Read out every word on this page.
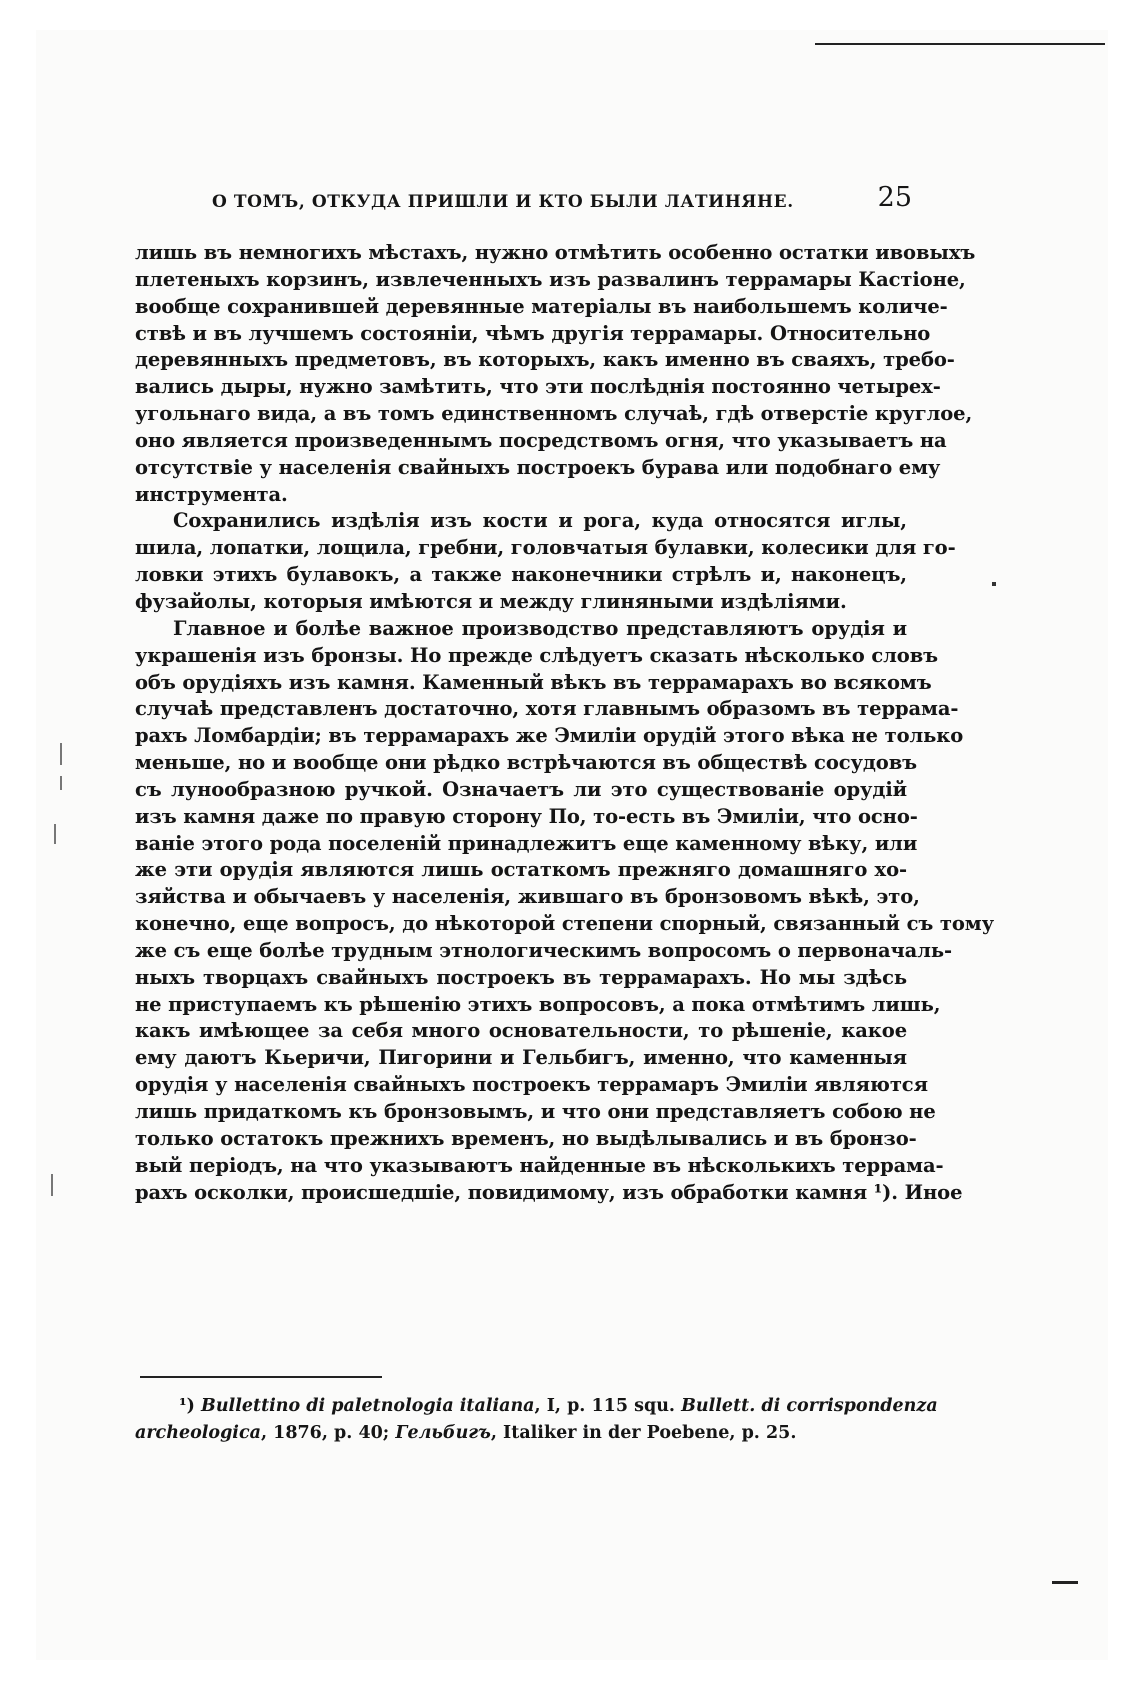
О ТОМЪ, ОТКУДА ПРИШЛИ И КТО БЫЛИ ЛАТИНЯНЕ.	25
лишь въ немногихъ мѣстахъ, нужно отмѣтить особенно остатки ивовыхъ
плетеныхъ корзинъ, извлеченныхъ изъ развалинъ террамары Кастіоне,
вообще сохранившей деревянные матеріалы въ наибольшемъ количе-
ствѣ и въ лучшемъ состояніи, чѣмъ другія террамары. Относительно
деревянныхъ предметовъ, въ которыхъ, какъ именно въ сваяхъ, требо-
вались дыры, нужно замѣтить, что эти послѣднія постоянно четырех-
угольнаго вида, а въ томъ единственномъ случаѣ, гдѣ отверстіе круглое,
оно является произведеннымъ посредствомъ огня, что указываетъ на
отсутствіе у населенія свайныхъ построекъ бурава или подобнаго ему
инструмента.
Сохранились издѣлія изъ кости и рога, куда относятся иглы,
шила, лопатки, лощила, гребни, головчатыя булавки, колесики для го-
ловки этихъ булавокъ, а также наконечники стрѣлъ и, наконецъ,
фузайолы, которыя имѣются и между глиняными издѣліями.
Главное и болѣе важное производство представляютъ орудія и
украшенія изъ бронзы. Но прежде слѣдуетъ сказать нѣсколько словъ
объ орудіяхъ изъ камня. Каменный вѣкъ въ террамарахъ во всякомъ
случаѣ представленъ достаточно, хотя главнымъ образомъ въ террама-
рахъ Ломбардіи; въ террамарахъ же Эмиліи орудій этого вѣка не только
меньше, но и вообще они рѣдко встрѣчаются въ обществѣ сосудовъ
съ лунообразною ручкой. Означаетъ ли это существованіе орудій
изъ камня даже по правую сторону По, то-есть въ Эмиліи, что осно-
ваніе этого рода поселеній принадлежитъ еще каменному вѣку, или
же эти орудія являются лишь остаткомъ прежняго домашняго хо-
зяйства и обычаевъ у населенія, жившаго въ бронзовомъ вѣкѣ, это,
конечно, еще вопросъ, до нѣкоторой степени спорный, связанный съ тому
же съ еще болѣе трудным этнологическимъ вопросомъ о первоначаль-
ныхъ творцахъ свайныхъ построекъ въ террамарахъ. Но мы здѣсь
не приступаемъ къ рѣшенію этихъ вопросовъ, а пока отмѣтимъ лишь,
какъ имѣющее за себя много основательности, то рѣшеніе, какое
ему даютъ Кьеричи, Пигорини и Гельбигъ, именно, что каменныя
орудія у населенія свайныхъ построекъ террамаръ Эмиліи являются
лишь придаткомъ къ бронзовымъ, и что они представляетъ собою не
только остатокъ прежнихъ временъ, но выдѣлывались и въ бронзо-
вый періодъ, на что указываютъ найденные въ нѣсколькихъ террама-
рахъ осколки, происшедшіе, повидимому, изъ обработки камня ¹). Иное
¹) Bullettino di paletnologia italiana, I, p. 115 squ. Bullett. di corrispondenza
archeologica, 1876, p. 40; Гельбигъ, Italiker in der Poebene, p. 25.
